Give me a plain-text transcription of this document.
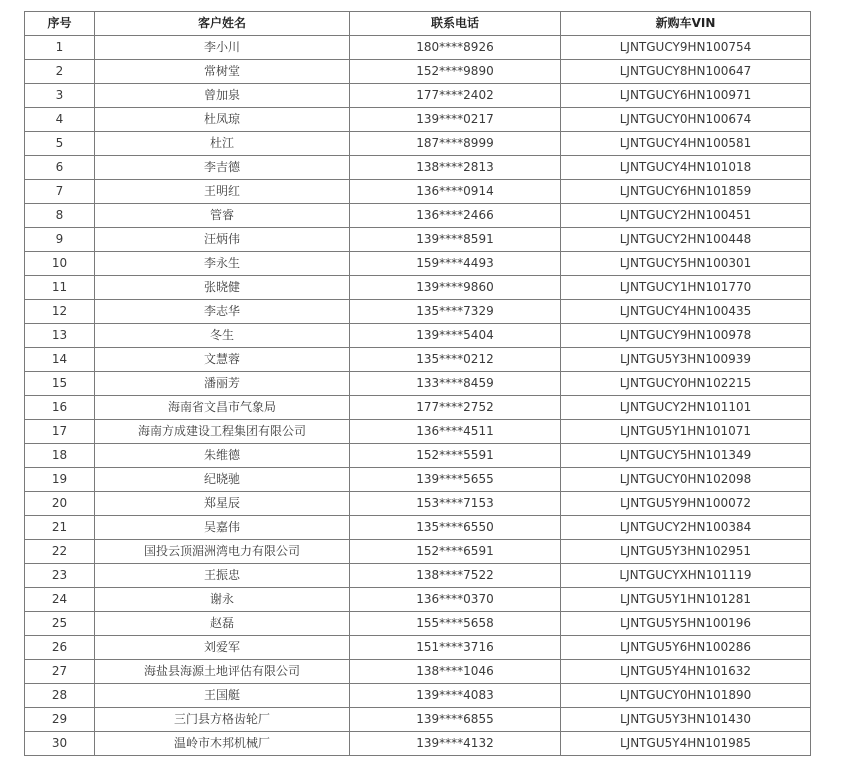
序号	客户姓名	联系电话	新购车VIN
1	李小川	180****8926	LJNTGUCY9HN100754
2	常树堂	152****9890	LJNTGUCY8HN100647
3	曾加泉	177****2402	LJNTGUCY6HN100971
4	杜凤琼	139****0217	LJNTGUCY0HN100674
5	杜江	187****8999	LJNTGUCY4HN100581
6	李吉德	138****2813	LJNTGUCY4HN101018
7	王明红	136****0914	LJNTGUCY6HN101859
8	管睿	136****2466	LJNTGUCY2HN100451
9	汪炳伟	139****8591	LJNTGUCY2HN100448
10	李永生	159****4493	LJNTGUCY5HN100301
11	张晓健	139****9860	LJNTGUCY1HN101770
12	李志华	135****7329	LJNTGUCY4HN100435
13	冬生	139****5404	LJNTGUCY9HN100978
14	文慧蓉	135****0212	LJNTGU5Y3HN100939
15	潘丽芳	133****8459	LJNTGUCY0HN102215
16	海南省文昌市气象局	177****2752	LJNTGUCY2HN101101
17	海南方成建设工程集团有限公司	136****4511	LJNTGU5Y1HN101071
18	朱维德	152****5591	LJNTGUCY5HN101349
19	纪晓驰	139****5655	LJNTGUCY0HN102098
20	郑星辰	153****7153	LJNTGU5Y9HN100072
21	吴嘉伟	135****6550	LJNTGUCY2HN100384
22	国投云顶湄洲湾电力有限公司	152****6591	LJNTGU5Y3HN102951
23	王振忠	138****7522	LJNTGUCYXHN101119
24	谢永	136****0370	LJNTGU5Y1HN101281
25	赵磊	155****5658	LJNTGU5Y5HN100196
26	刘爱军	151****3716	LJNTGU5Y6HN100286
27	海盐县海源土地评估有限公司	138****1046	LJNTGU5Y4HN101632
28	王国艇	139****4083	LJNTGUCY0HN101890
29	三门县方格齿轮厂	139****6855	LJNTGU5Y3HN101430
30	温岭市木邦机械厂	139****4132	LJNTGU5Y4HN101985
